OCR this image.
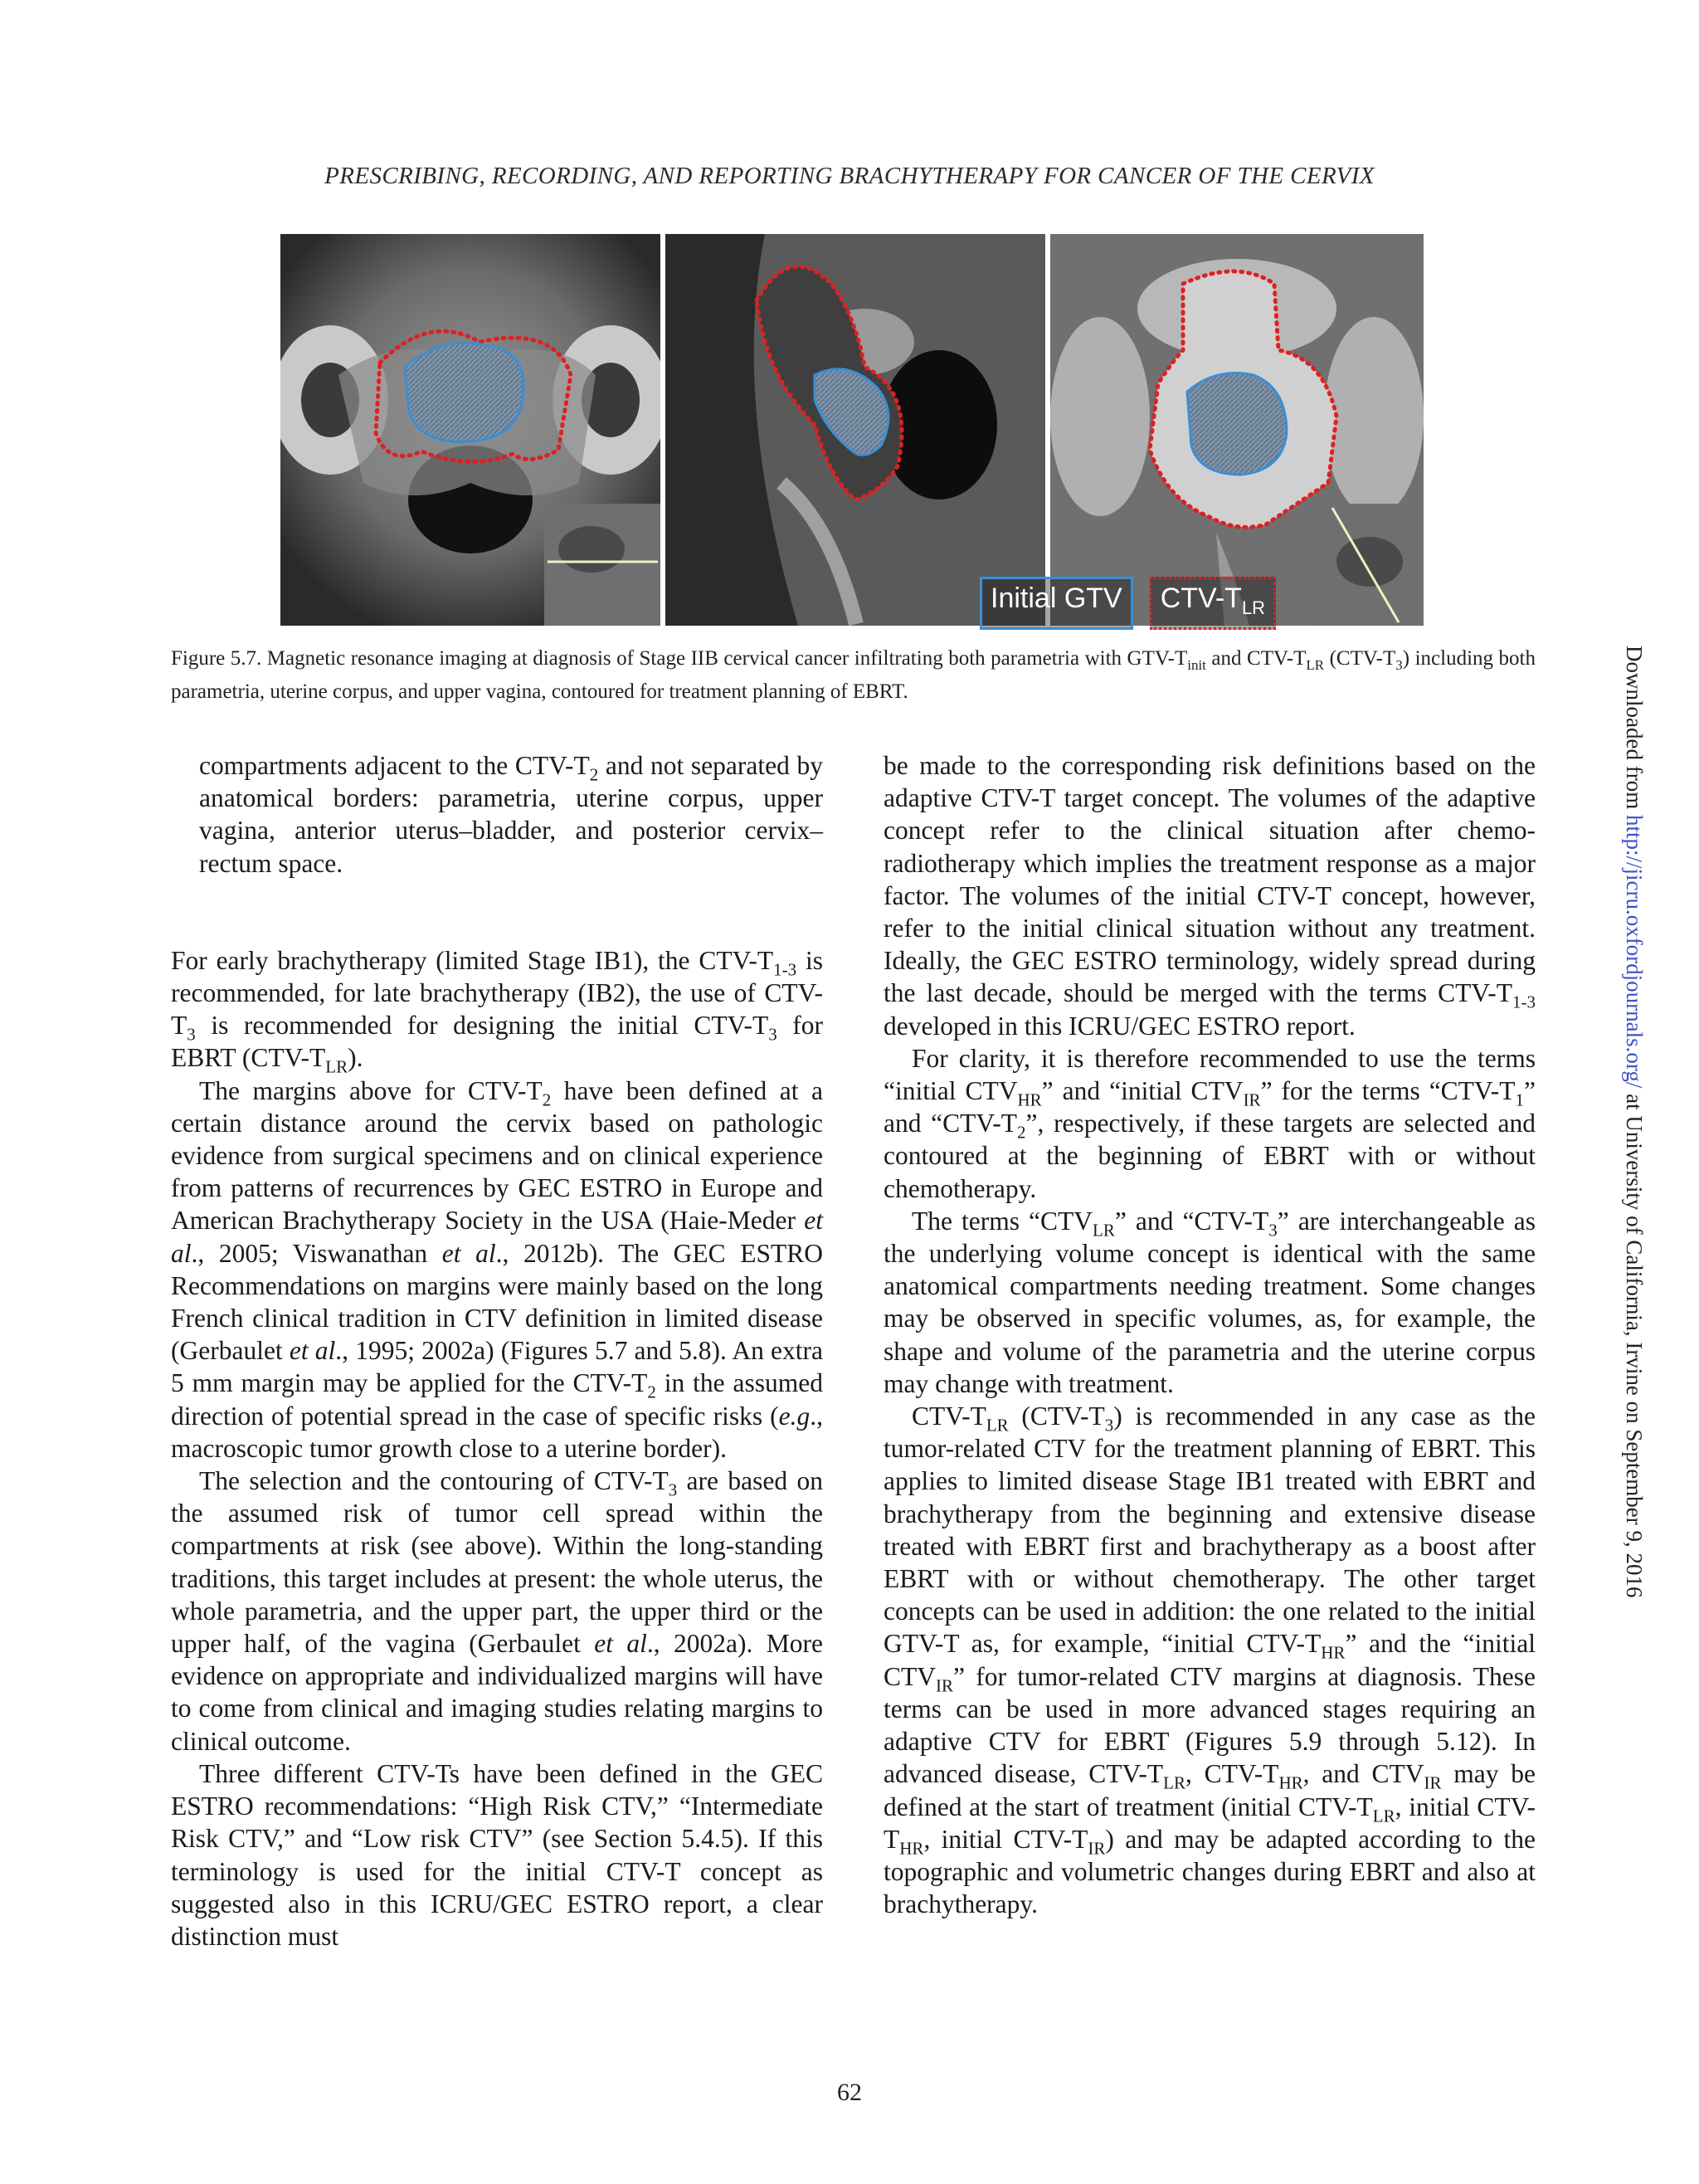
PRESCRIBING, RECORDING, AND REPORTING BRACHYTHERAPY FOR CANCER OF THE CERVIX
Initial GTV	CTV-$T_{LR}$
Figure 5.7. Magnetic resonance imaging at diagnosis of Stage IIB cervical cancer infiltrating both parametria with GTV-$T_{init}$ and CTV-$T_{LR}$ $(CTV-T_3)$ including both parametria, uterine corpus, and upper vagina, contoured for treatment planning of EBRT.

compartments adjacent to the CTV-$T_2$ and not separated by anatomical borders: parametria, uterine corpus, upper vagina, anterior uterus–bladder, and posterior cervix–rectum space.

For early brachytherapy (limited Stage IB1), the CTV-$T_{1-3}$ is recommended, for late brachytherapy (IB2), the use of CTV-$T_3$ is recommended for designing the initial CTV-$T_3$ for EBRT $(CTV-T_{LR})$.

The margins above for CTV-$T_2$ have been defined at a certain distance around the cervix based on pathologic evidence from surgical specimens and on clinical experience from patterns of recurrences by GEC ESTRO in Europe and American Brachytherapy Society in the USA (Haie-Meder et al., 2005; Viswanathan et al., 2012b). The GEC ESTRO Recommendations on margins were mainly based on the long French clinical tradition in CTV definition in limited disease (Gerbaulet et al., 1995; 2002a) (Figures 5.7 and 5.8). An extra 5 mm margin may be applied for the CTV-$T_2$ in the assumed direction of potential spread in the case of specific risks (e.g., macroscopic tumor growth close to a uterine border).

The selection and the contouring of CTV-$T_3$ are based on the assumed risk of tumor cell spread within the compartments at risk (see above). Within the long-standing traditions, this target includes at present: the whole uterus, the whole parametria, and the upper part, the upper third or the upper half, of the vagina (Gerbaulet et al., 2002a). More evidence on appropriate and individualized margins will have to come from clinical and imaging studies relating margins to clinical outcome.

Three different CTV-Ts have been defined in the GEC ESTRO recommendations: “High Risk CTV,” “Intermediate Risk CTV,” and “Low risk CTV” (see Section 5.4.5). If this terminology is used for the initial CTV-T concept as suggested also in this ICRU/GEC ESTRO report, a clear distinction must

be made to the corresponding risk definitions based on the adaptive CTV-T target concept. The volumes of the adaptive concept refer to the clinical situation after chemo-radiotherapy which implies the treatment response as a major factor. The volumes of the initial CTV-T concept, however, refer to the initial clinical situation without any treatment. Ideally, the GEC ESTRO terminology, widely spread during the last decade, should be merged with the terms CTV-$T_{1-3}$ developed in this ICRU/GEC ESTRO report.

For clarity, it is therefore recommended to use the terms “initial $CTV_{HR}$” and “initial $CTV_{IR}$” for the terms “$CTV-T_1$” and “$CTV-T_2$”, respectively, if these targets are selected and contoured at the beginning of EBRT with or without chemotherapy.

The terms “$CTV_{LR}$” and “$CTV-T_3$” are interchangeable as the underlying volume concept is identical with the same anatomical compartments needing treatment. Some changes may be observed in specific volumes, as, for example, the shape and volume of the parametria and the uterine corpus may change with treatment.

CTV-$T_{LR}$ $(CTV-T_3)$ is recommended in any case as the tumor-related CTV for the treatment planning of EBRT. This applies to limited disease Stage IB1 treated with EBRT and brachytherapy from the beginning and extensive disease treated with EBRT first and brachytherapy as a boost after EBRT with or without chemotherapy. The other target concepts can be used in addition: the one related to the initial GTV-T as, for example, “initial CTV-$T_{HR}$” and the “initial $CTV_{IR}$” for tumor-related CTV margins at diagnosis. These terms can be used in more advanced stages requiring an adaptive CTV for EBRT (Figures 5.9 through 5.12). In advanced disease, CTV-$T_{LR}$, CTV-$T_{HR}$, and $CTV_{IR}$ may be defined at the start of treatment (initial CTV-$T_{LR}$, initial CTV-$T_{HR}$, initial CTV-$T_{IR}$) and may be adapted according to the topographic and volumetric changes during EBRT and also at brachytherapy.

62
Downloaded from http://jicru.oxfordjournals.org/ at University of California, Irvine on September 9, 2016
